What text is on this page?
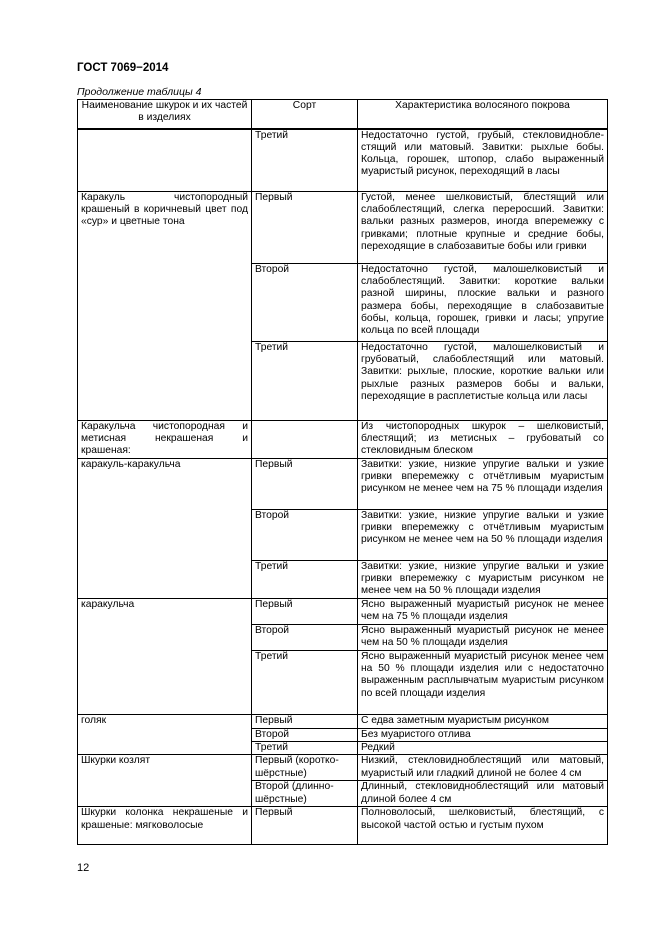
ГОСТ 7069−2014
Продолжение таблицы 4
Наименование шкурок и их частей в изделиях	Сорт	Характеристика волосяного покрова
	Третий	Недостаточно густой, грубый, стекловидноблестящий или матовый. Завитки: рыхлые бобы. Кольца, горошек, штопор, слабо выраженный муаристый рисунок, переходящий в ласы
Каракуль чистопородный крашеный в коричневый цвет под «сур» и цветные тона	Первый	Густой, менее шелковистый, блестящий или слабоблестящий, слегка переросший. Завитки: вальки разных размеров, иногда вперемежку с гривками; плотные крупные и средние бобы, переходящие в слабозавитые бобы или гривки
	Второй	Недостаточно густой, малошелковистый и слабоблестящий. Завитки: короткие вальки разной ширины, плоские вальки и разного размера бобы, переходящие в слабозавитые бобы, кольца, горошек, гривки и ласы; упругие кольца по всей площади
	Третий	Недостаточно густой, малошелковистый и грубоватый, слабоблестящий или матовый. Завитки: рыхлые, плоские, короткие вальки или рыхлые разных размеров бобы и вальки, переходящие в расплетистые кольца или ласы
Каракульча чистопородная и метисная некрашеная и крашеная:		Из чистопородных шкурок – шелковистый, блестящий; из метисных – грубоватый со стекловидным блеском
каракуль-каракульча	Первый	Завитки: узкие, низкие упругие вальки и узкие гривки вперемежку с отчётливым муаристым рисунком не менее чем на 75 % площади изделия
	Второй	Завитки: узкие, низкие упругие вальки и узкие гривки вперемежку с отчётливым муаристым рисунком не менее чем на 50 % площади изделия
	Третий	Завитки: узкие, низкие упругие вальки и узкие гривки вперемежку с муаристым рисунком не менее чем на 50 % площади изделия
каракульча	Первый	Ясно выраженный муаристый рисунок не менее чем на 75 % площади изделия
	Второй	Ясно выраженный муаристый рисунок не менее чем на 50 % площади изделия
	Третий	Ясно выраженный муаристый рисунок менее чем на 50 % площади изделия или с недостаточно выраженным расплывчатым муаристым рисунком по всей площади изделия
голяк	Первый	С едва заметным муаристым рисунком
	Второй	Без муаристого отлива
	Третий	Редкий
Шкурки козлят	Первый (короткошёрстные)	Низкий, стекловидноблестящий или матовый, муаристый или гладкий длиной не более 4 см
	Второй (длинношёрстные)	Длинный, стекловидноблестящий или матовый длиной более 4 см
Шкурки колонка некрашеные и крашеные: мягковолосые	Первый	Полноволосый, шелковистый, блестящий, с высокой частой остью и густым пухом
12
